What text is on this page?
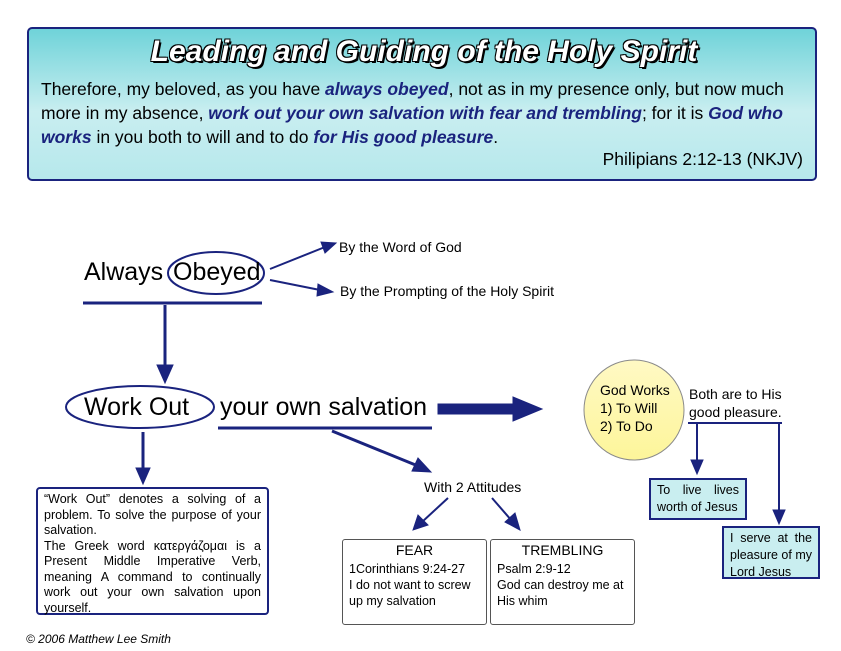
Leading and Guiding of the Holy Spirit
Therefore, my beloved, as you have always obeyed, not as in my presence only, but now much more in my absence, work out your own salvation with fear and trembling; for it is God who works in you both to will and to do for His good pleasure.
Philipians 2:12-13 (NKJV)
Always Obeyed
By the Word of God
By the Prompting of the Holy Spirit
Work Out your own salvation
God Works
1) To Will
2) To Do
Both are to His good pleasure.
With 2 Attitudes
FEAR
1Corinthians 9:24-27
I do not want to screw up my salvation
TREMBLING
Psalm 2:9-12
God can destroy me at His whim

“Work Out” denotes a solving of a problem. To solve the purpose of your salvation.

The Greek word κατεργάζομαι is a Present Middle Imperative Verb, meaning A command to continually work out your own salvation upon yourself.

To live lives worth of Jesus
I serve at the pleasure of my Lord Jesus
© 2006 Matthew Lee Smith
